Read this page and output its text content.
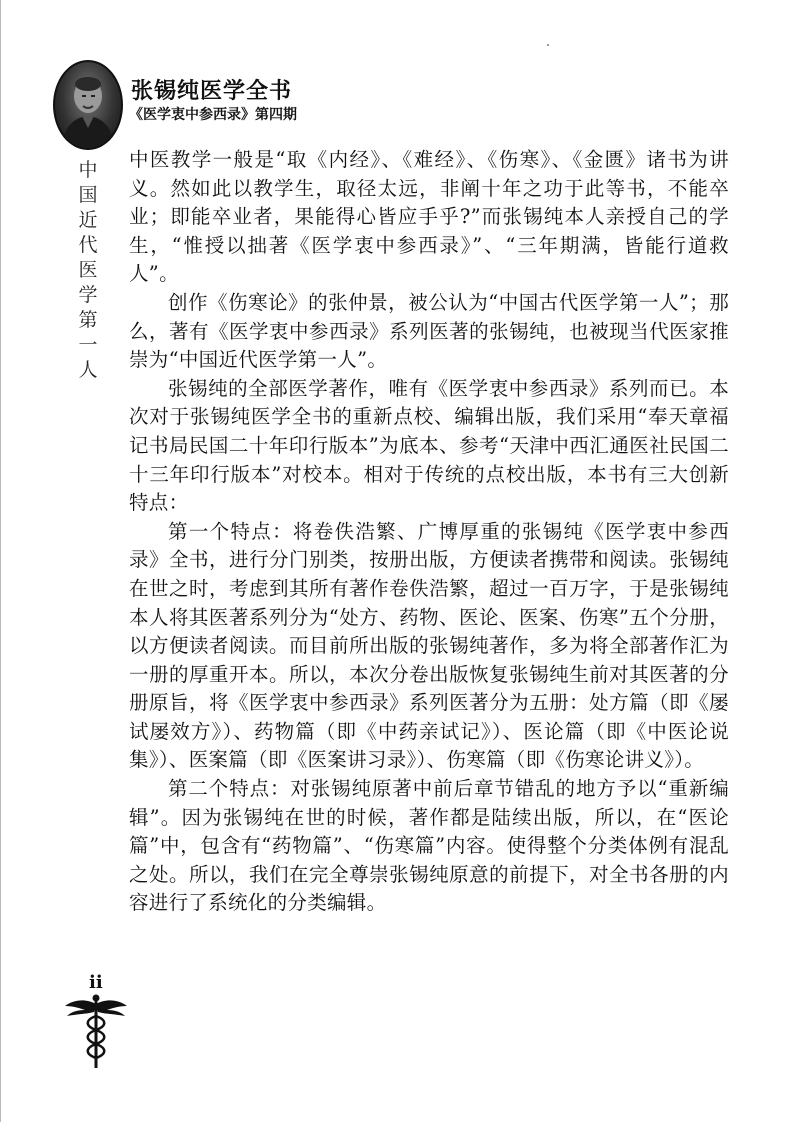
张锡纯医学全书
《医学衷中参西录》第四期
中国近代医学第一人

中医教学一般是“取《内经》、《难经》、《伤寒》、《金匮》诸书为讲义。然如此以教学生，取径太远，非阐十年之功于此等书，不能卒业；即能卒业者，果能得心皆应手乎?”而张锡纯本人亲授自己的学生，“惟授以拙著《医学衷中参西录》”、“三年期满，皆能行道救人”。

创作《伤寒论》的张仲景，被公认为“中国古代医学第一人”；那么，著有《医学衷中参西录》系列医著的张锡纯，也被现当代医家推崇为“中国近代医学第一人”。

张锡纯的全部医学著作，唯有《医学衷中参西录》系列而已。本次对于张锡纯医学全书的重新点校、编辑出版，我们采用“奉天章福记书局民国二十年印行版本”为底本、参考“天津中西汇通医社民国二十三年印行版本”对校本。相对于传统的点校出版，本书有三大创新特点：

第一个特点：将卷佚浩繁、广博厚重的张锡纯《医学衷中参西录》全书，进行分门别类，按册出版，方便读者携带和阅读。张锡纯在世之时，考虑到其所有著作卷佚浩繁，超过一百万字，于是张锡纯本人将其医著系列分为“处方、药物、医论、医案、伤寒”五个分册，以方便读者阅读。而目前所出版的张锡纯著作，多为将全部著作汇为一册的厚重开本。所以，本次分卷出版恢复张锡纯生前对其医著的分册原旨，将《医学衷中参西录》系列医著分为五册：处方篇（即《屡试屡效方》）、药物篇（即《中药亲试记》）、医论篇（即《中医论说集》）、医案篇（即《医案讲习录》）、伤寒篇（即《伤寒论讲义》）。

第二个特点：对张锡纯原著中前后章节错乱的地方予以“重新编辑”。因为张锡纯在世的时候，著作都是陆续出版，所以，在“医论篇”中，包含有“药物篇”、“伤寒篇”内容。使得整个分类体例有混乱之处。所以，我们在完全尊崇张锡纯原意的前提下，对全书各册的内容进行了系统化的分类编辑。

ii
